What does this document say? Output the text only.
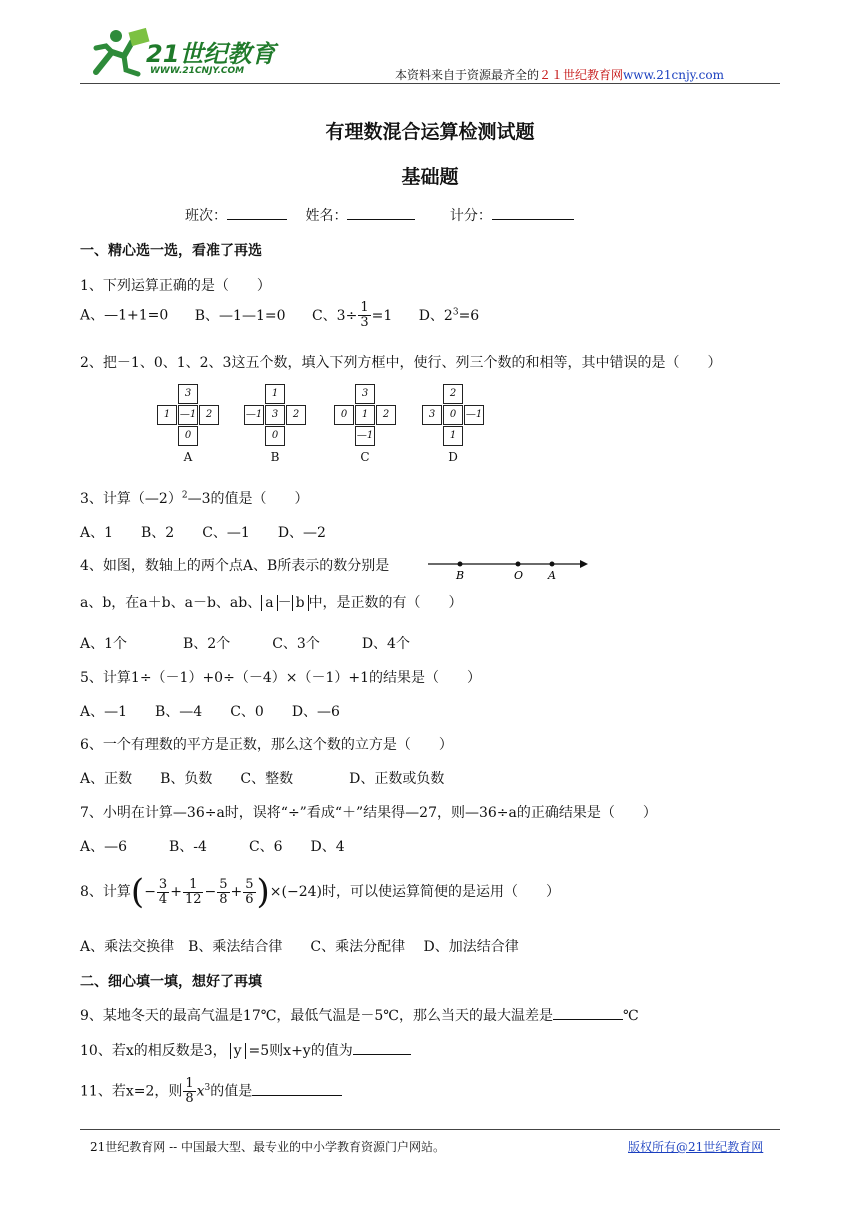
21世纪教育
WWW.21CNJY.COM	本资料来自于资源最齐全的２１世纪教育网www.21cnjy.com
有理数混合运算检测试题
基础题
班次：	姓名：	计分：
一、精心选一选，看准了再选
1、下列运算正确的是（　　）
A、—1+1=0 B、—1—1=0 C、$3\div \frac{1}{3} =1$ D、$2^3=6$
2、把－1、0、1、2、3这五个数，填入下列方框中，使行、列三个数的和相等，其中错误的是（　　）
3
1 —1 2
0
A
1
—1 3	2
0
B
3
0	1	2
—1
C
2
3	0 —1
1
D
3、计算（—2）$^2$—3的值是（　　）
A、1　　B、2　　C、—1　　D、—2
4、如图，数轴上的两个点A、B所表示的数分别是
B	O A
a、b，在a＋b、a－b、ab、 a － b 中，是正数的有（　　）
A、1个　　　　B、2个　　　C、3个　　　D、4个
5、计算1÷（－1）+0÷（－4）×（－1）+1的结果是（　　）
A、—1　　B、—4　　C、0　　D、—6
6、一个有理数的平方是正数，那么这个数的立方是（　　）
A、正数　　B、负数　　C、整数　　　　D、正数或负数
7、小明在计算—36÷a时，误将“÷”看成“＋”结果得—27，则—36÷a的正确结果是（　　）
A、—6　　　B、-4　　　C、6　　D、4
8、计算(− $\frac{3}{4} + \frac{1}{12} - \frac{5}{8} + \frac{5}{6} )\times(-24)$时，可以使运算简便的是运用（　　）
A、乘法交换律　B、乘法结合律　　C、乘法分配律　 D、加法结合律
二、细心填一填，想好了再填
9、某地冬天的最高气温是17℃，最低气温是－5℃，那么当天的最大温差是	℃
10、若x的相反数是3， y =5则x+y的值为
11、若x=2，则 $\frac{1}{8} x^3$的值是
21世纪教育网 -- 中国最大型、最专业的中小学教育资源门户网站。	版权所有@21世纪教育网
